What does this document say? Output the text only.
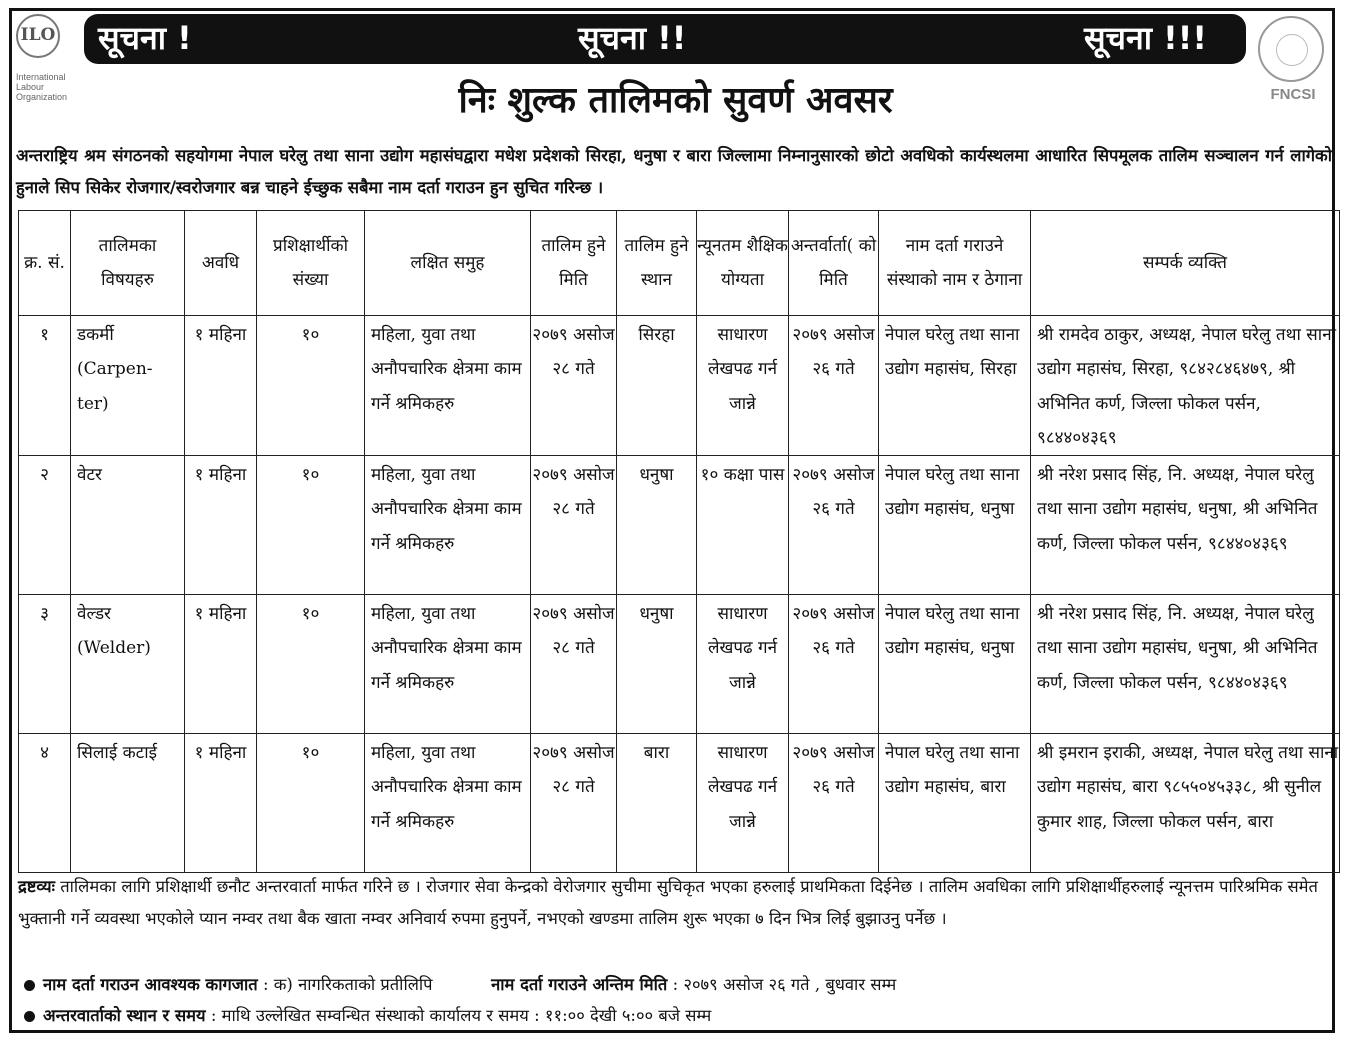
ILO
International Labour Organization
सूचना !	सूचना !!	सूचना !!!
FNCSI
निः शुल्क तालिमको सुवर्ण अवसर
अन्तराष्ट्रिय श्रम संगठनको सहयोगमा नेपाल घरेलु तथा साना उद्योग महासंघद्वारा मधेश प्रदेशको सिरहा, धनुषा र बारा जिल्लामा निम्नानुसारको छोटो अवधिको कार्यस्थलमा आधारित सिपमूलक तालिम सञ्चालन गर्न लागेको हुनाले सिप सिकेर रोजगार/स्वरोजगार बन्न चाहने ईच्छुक सबैमा नाम दर्ता गराउन हुन सुचित गरिन्छ ।
क्र. सं.	तालिमका विषयहरु	अवधि	प्रशिक्षार्थीको संख्या	लक्षित समुह	तालिम हुने मिति	तालिम हुने स्थान	न्यूनतम शैक्षिक योग्यता	अन्तर्वार्ता( को मिति	नाम दर्ता गराउने संस्थाको नाम र ठेगाना	सम्पर्क व्यक्ति
१	डकर्मी (Carpen-ter)	१ महिना	१०	महिला, युवा तथा अनौपचारिक क्षेत्रमा काम गर्ने श्रमिकहरु	२०७९ असोज २८ गते	सिरहा	साधारण लेखपढ गर्न जान्ने	२०७९ असोज २६ गते	नेपाल घरेलु तथा साना उद्योग महासंघ, सिरहा	श्री रामदेव ठाकुर, अध्यक्ष, नेपाल घरेलु तथा साना उद्योग महासंघ, सिरहा, ९८४२८४६४७९, श्री अभिनित कर्ण, जिल्ला फोकल पर्सन, ९८४४०४३६९
२	वेटर	१ महिना	१०	महिला, युवा तथा अनौपचारिक क्षेत्रमा काम गर्ने श्रमिकहरु	२०७९ असोज २८ गते	धनुषा	१० कक्षा पास	२०७९ असोज २६ गते	नेपाल घरेलु तथा साना उद्योग महासंघ, धनुषा	श्री नरेश प्रसाद सिंह, नि. अध्यक्ष, नेपाल घरेलु तथा साना उद्योग महासंघ, धनुषा, श्री अभिनित कर्ण, जिल्ला फोकल पर्सन, ९८४४०४३६९
३	वेल्डर (Welder)	१ महिना	१०	महिला, युवा तथा अनौपचारिक क्षेत्रमा काम गर्ने श्रमिकहरु	२०७९ असोज २८ गते	धनुषा	साधारण लेखपढ गर्न जान्ने	२०७९ असोज २६ गते	नेपाल घरेलु तथा साना उद्योग महासंघ, धनुषा	श्री नरेश प्रसाद सिंह, नि. अध्यक्ष, नेपाल घरेलु तथा साना उद्योग महासंघ, धनुषा, श्री अभिनित कर्ण, जिल्ला फोकल पर्सन, ९८४४०४३६९
४	सिलाई कटाई	१ महिना	१०	महिला, युवा तथा अनौपचारिक क्षेत्रमा काम गर्ने श्रमिकहरु	२०७९ असोज २८ गते	बारा	साधारण लेखपढ गर्न जान्ने	२०७९ असोज २६ गते	नेपाल घरेलु तथा साना उद्योग महासंघ, बारा	श्री इमरान इराकी, अध्यक्ष, नेपाल घरेलु तथा साना उद्योग महासंघ, बारा ९८५५०४५३३८, श्री सुनील कुमार शाह, जिल्ला फोकल पर्सन, बारा
द्रष्टव्यः तालिमका लागि प्रशिक्षार्थी छनौट अन्तरवार्ता मार्फत गरिने छ । रोजगार सेवा केन्द्रको वेरोजगार सुचीमा सुचिकृत भएका हरुलाई प्राथमिकता दिईनेछ । तालिम अवधिका लागि प्रशिक्षार्थीहरुलाई न्यूनत्तम पारिश्रमिक समेत भुक्तानी गर्ने व्यवस्था भएकोले प्यान नम्वर तथा बैक खाता नम्वर अनिवार्य रुपमा हुनुपर्ने, नभएको खण्डमा तालिम शुरू भएका ७ दिन भित्र लिई बुझाउनु पर्नेछ ।
नाम दर्ता गराउन आवश्यक कागजात : क) नागरिकताको प्रतीलिपि	नाम दर्ता गराउने अन्तिम मिति : २०७९ असोज २६ गते , बुधवार सम्म
अन्तरवार्ताको स्थान र समय : माथि उल्लेखित सम्वन्धित संस्थाको कार्यालय र समय : ११:०० देखी ५:०० बजे सम्म
